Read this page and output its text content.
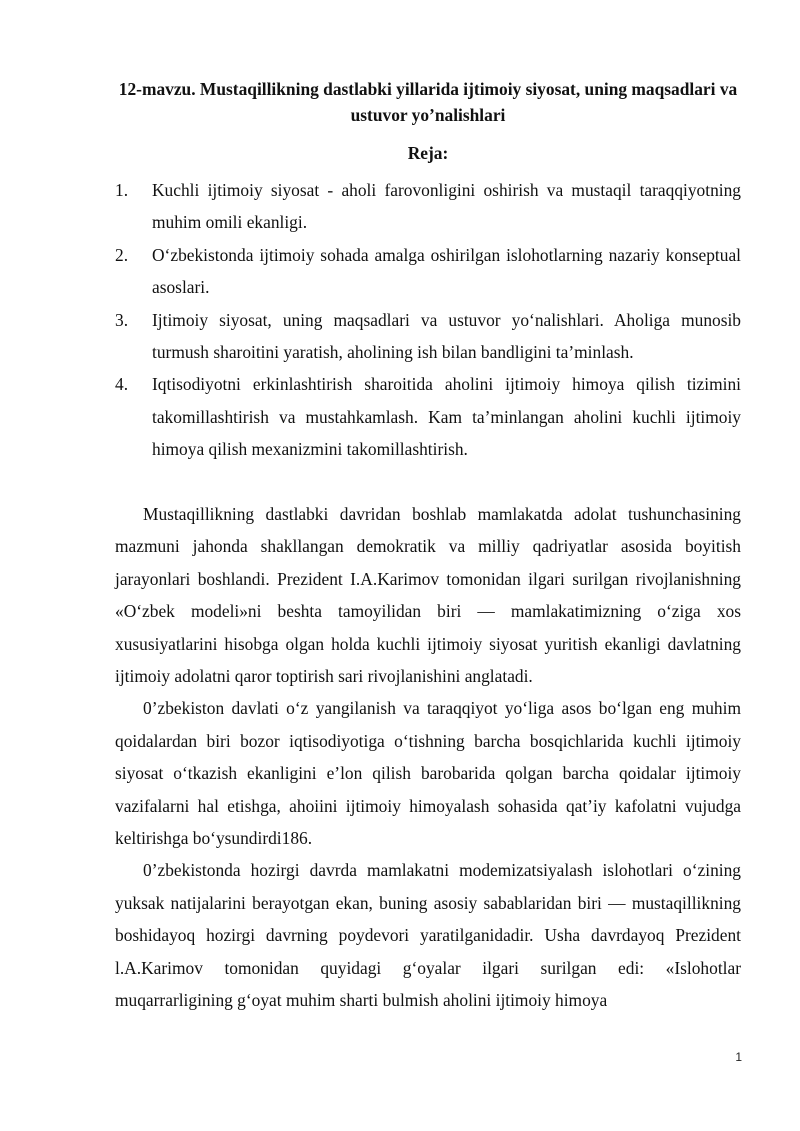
12-mavzu. Mustaqillikning dastlabki yillarida ijtimoiy siyosat, uning maqsadlari va ustuvor yo’nalishlari
Reja:
1. Kuchli ijtimoiy siyosat - aholi farovonligini oshirish va mustaqil taraqqiyotning muhim omili ekanligi.
2. O‘zbekistonda ijtimoiy sohada amalga oshirilgan islohotlarning nazariy konseptual asoslari.
3. Ijtimoiy siyosat, uning maqsadlari va ustuvor yo‘nalishlari. Aholiga munosib turmush sharoitini yaratish, aholining ish bilan bandligini ta’minlash.
4. Iqtisodiyotni erkinlashtirish sharoitida aholini ijtimoiy himoya qilish tizimini takomillashtirish va mustahkamlash. Kam ta’minlangan aholini kuchli ijtimoiy himoya qilish mexanizmini takomillashtirish.

Mustaqillikning dastlabki davridan boshlab mamlakatda adolat tushunchasining mazmuni jahonda shakllangan demokratik va milliy qadriyatlar asosida boyitish jarayonlari boshlandi. Prezident I.A.Karimov tomonidan ilgari surilgan rivojlanishning «O‘zbek modeli»ni beshta tamoyilidan biri — mamlakatimizning o‘ziga xos xususiyatlarini hisobga olgan holda kuchli ijtimoiy siyosat yuritish ekanligi davlatning ijtimoiy adolatni qaror toptirish sari rivojlanishini anglatadi.

0’zbekiston davlati o‘z yangilanish va taraqqiyot yo‘liga asos bo‘lgan eng muhim qoidalardan biri bozor iqtisodiyotiga o‘tishning barcha bosqichlarida kuchli ijtimoiy siyosat o‘tkazish ekanligini e’lon qilish barobarida qolgan barcha qoidalar ijtimoiy vazifalarni hal etishga, ahoiini ijtimoiy himoyalash sohasida qat’iy kafolatni vujudga keltirishga bo‘ysundirdi186.

0’zbekistonda hozirgi davrda mamlakatni modemizatsiyalash islohotlari o‘zining yuksak natijalarini berayotgan ekan, buning asosiy sabablaridan biri — mustaqillikning boshidayoq hozirgi davrning poydevori yaratilganidadir. Usha davrdayoq Prezident l.A.Karimov tomonidan quyidagi g‘oyalar ilgari surilgan edi: «Islohotlar muqarrarligining g‘oyat muhim sharti bulmish aholini ijtimoiy himoya

1
